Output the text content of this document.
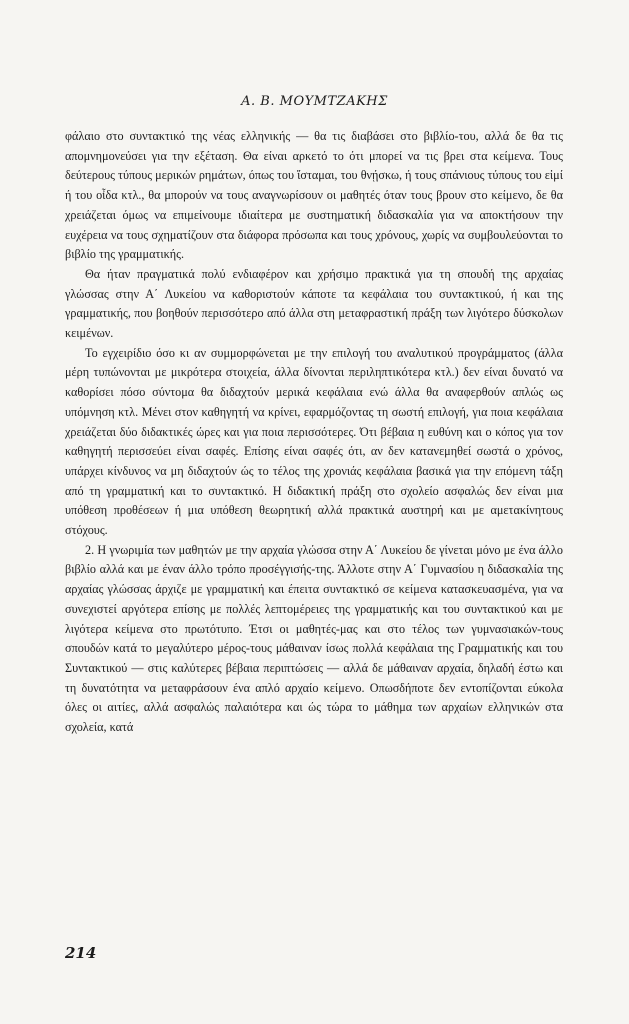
Α. Β. ΜΟΥΜΤΖΑΚΗΣ

φάλαιο στο συντακτικό της νέας ελληνικής — θα τις διαβάσει στο βιβλίο-του, αλλά δε θα τις απομνημονεύσει για την εξέταση. Θα είναι αρκετό το ότι μπορεί να τις βρει στα κείμενα. Τους δεύτερους τύπους μερικών ρημάτων, όπως του ἵσταμαι, του θνῄσκω, ή τους σπάνιους τύπους του εἰμί ή του οἶδα κτλ., θα μπορούν να τους αναγνωρίσουν οι μαθητές όταν τους βρουν στο κείμενο, δε θα χρειάζεται όμως να επιμείνουμε ιδιαίτερα με συστηματική διδασκαλία για να αποκτήσουν την ευχέρεια να τους σχηματίζουν στα διάφορα πρόσωπα και τους χρόνους, χωρίς να συμβουλεύονται το βιβλίο της γραμματικής.

Θα ήταν πραγματικά πολύ ενδιαφέρον και χρήσιμο πρακτικά για τη σπουδή της αρχαίας γλώσσας στην Α΄ Λυκείου να καθοριστούν κάποτε τα κεφάλαια του συντακτικού, ή και της γραμματικής, που βοηθούν περισσότερο από άλλα στη μεταφραστική πράξη των λιγότερο δύσκολων κειμένων.

Το εγχειρίδιο όσο κι αν συμμορφώνεται με την επιλογή του αναλυτικού προγράμματος (άλλα μέρη τυπώνονται με μικρότερα στοιχεία, άλλα δίνονται περιληπτικότερα κτλ.) δεν είναι δυνατό να καθορίσει πόσο σύντομα θα διδαχτούν μερικά κεφάλαια ενώ άλλα θα αναφερθούν απλώς ως υπόμνηση κτλ. Μένει στον καθηγητή να κρίνει, εφαρμόζοντας τη σωστή επιλογή, για ποια κεφάλαια χρειάζεται δύο διδακτικές ώρες και για ποια περισσότερες. Ότι βέβαια η ευθύνη και ο κόπος για τον καθηγητή περισσεύει είναι σαφές. Επίσης είναι σαφές ότι, αν δεν κατανεμηθεί σωστά ο χρόνος, υπάρχει κίνδυνος να μη διδαχτούν ώς το τέλος της χρονιάς κεφάλαια βασικά για την επόμενη τάξη από τη γραμματική και το συντακτικό. Η διδακτική πράξη στο σχολείο ασφαλώς δεν είναι μια υπόθεση προθέσεων ή μια υπόθεση θεωρητική αλλά πρακτικά αυστηρή και με αμετακίνητους στόχους.

2. Η γνωριμία των μαθητών με την αρχαία γλώσσα στην Α΄ Λυκείου δε γίνεται μόνο με ένα άλλο βιβλίο αλλά και με έναν άλλο τρόπο προσέγγισής-της. Άλλοτε στην Α΄ Γυμνασίου η διδασκαλία της αρχαίας γλώσσας άρχιζε με γραμματική και έπειτα συντακτικό σε κείμενα κατασκευασμένα, για να συνεχιστεί αργότερα επίσης με πολλές λεπτομέρειες της γραμματικής και του συντακτικού και με λιγότερα κείμενα στο πρωτότυπο. Έτσι οι μαθητές-μας και στο τέλος των γυμνασιακών-τους σπουδών κατά το μεγαλύτερο μέρος-τους μάθαιναν ίσως πολλά κεφάλαια της Γραμματικής και του Συντακτικού — στις καλύτερες βέβαια περιπτώσεις — αλλά δε μάθαιναν αρχαία, δηλαδή έστω και τη δυνατότητα να μεταφράσουν ένα απλό αρχαίο κείμενο. Οπωσδήποτε δεν εντοπίζονται εύκολα όλες οι αιτίες, αλλά ασφαλώς παλαιότερα και ώς τώρα το μάθημα των αρχαίων ελληνικών στα σχολεία, κατά

214
